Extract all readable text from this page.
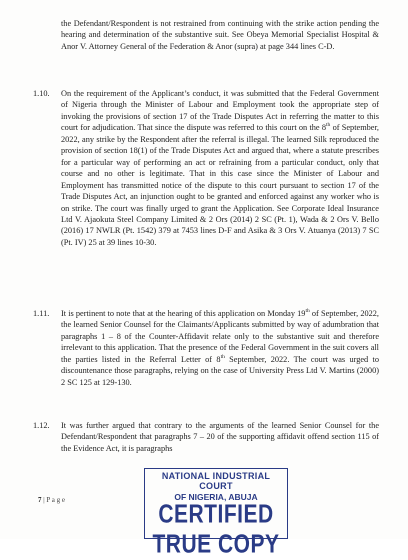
the Defendant/Respondent is not restrained from continuing with the strike action pending the hearing and determination of the substantive suit. See Obeya Memorial Specialist Hospital & Anor V. Attorney General of the Federation & Anor (supra) at page 344 lines C-D.
1.10. On the requirement of the Applicant’s conduct, it was submitted that the Federal Government of Nigeria through the Minister of Labour and Employment took the appropriate step of invoking the provisions of section 17 of the Trade Disputes Act in referring the matter to this court for adjudication. That since the dispute was referred to this court on the 8th of September, 2022, any strike by the Respondent after the referral is illegal. The learned Silk reproduced the provision of section 18(1) of the Trade Disputes Act and argued that, where a statute prescribes for a particular way of performing an act or refraining from a particular conduct, only that course and no other is legitimate. That in this case since the Minister of Labour and Employment has transmitted notice of the dispute to this court pursuant to section 17 of the Trade Disputes Act, an injunction ought to be granted and enforced against any worker who is on strike. The court was finally urged to grant the Application. See Corporate Ideal Insurance Ltd V. Ajaokuta Steel Company Limited & 2 Ors (2014) 2 SC (Pt. 1), Wada & 2 Ors V. Bello (2016) 17 NWLR (Pt. 1542) 379 at 7453 lines D-F and Asika & 3 Ors V. Atuanya (2013) 7 SC (Pt. IV) 25 at 39 lines 10-30.
1.11. It is pertinent to note that at the hearing of this application on Monday 19th of September, 2022, the learned Senior Counsel for the Claimants/Applicants submitted by way of adumbration that paragraphs 1 – 8 of the Counter-Affidavit relate only to the substantive suit and therefore irrelevant to this application. That the presence of the Federal Government in the suit covers all the parties listed in the Referral Letter of 8th September, 2022. The court was urged to discountenance those paragraphs, relying on the case of University Press Ltd V. Martins (2000) 2 SC 125 at 129-130.
1.12. It was further argued that contrary to the arguments of the learned Senior Counsel for the Defendant/Respondent that paragraphs 7 – 20 of the supporting affidavit offend section 115 of the Evidence Act, it is paragraphs
7 | P a g e
NATIONAL INDUSTRIAL COURT
OF NIGERIA, ABUJA
CERTIFIED TRUE COPY
